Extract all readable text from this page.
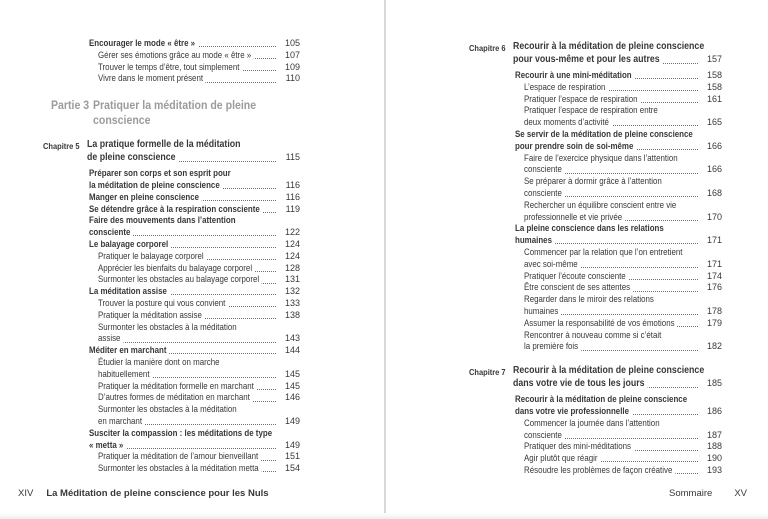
Encourager le mode « être »	105
Gérer ses émotions grâce au mode « être »	107
Trouver le temps d’être, tout simplement	109
Vivre dans le moment présent	110
Partie 3 Pratiquer la méditation de pleine
conscience
Chapitre 5 La pratique formelle de la méditation
de pleine conscience	115
Préparer son corps et son esprit pour
la méditation de pleine conscience	116
Manger en pleine conscience	116
Se détendre grâce à la respiration consciente	119
Faire des mouvements dans l’attention
consciente	122
Le balayage corporel	124
Pratiquer le balayage corporel	124
Apprécier les bienfaits du balayage corporel	128
Surmonter les obstacles au balayage corporel	131
La méditation assise	132
Trouver la posture qui vous convient	133
Pratiquer la méditation assise	138
Surmonter les obstacles à la méditation
assise	143
Méditer en marchant	144
Étudier la manière dont on marche
habituellement	145
Pratiquer la méditation formelle en marchant	145
D’autres formes de méditation en marchant	146
Surmonter les obstacles à la méditation
en marchant	149
Susciter la compassion : les méditations de type
« metta »	149
Pratiquer la méditation de l’amour bienveillant	151
Surmonter les obstacles à la méditation metta	154
XIV La Méditation de pleine conscience pour les Nuls
Chapitre 6 Recourir à la méditation de pleine conscience
pour vous-même et pour les autres	157
Recourir à une mini-méditation	158
L’espace de respiration	158
Pratiquer l’espace de respiration	161
Pratiquer l’espace de respiration entre
deux moments d’activité	165
Se servir de la méditation de pleine conscience
pour prendre soin de soi-même	166
Faire de l’exercice physique dans l’attention
consciente	166
Se préparer à dormir grâce à l’attention
consciente	168
Rechercher un équilibre conscient entre vie
professionnelle et vie privée	170
La pleine conscience dans les relations
humaines	171
Commencer par la relation que l’on entretient
avec soi-même	171
Pratiquer l’écoute consciente	174
Être conscient de ses attentes	176
Regarder dans le miroir des relations
humaines	178
Assumer la responsabilité de vos émotions	179
Rencontrer à nouveau comme si c’était
la première fois	182
Chapitre 7 Recourir à la méditation de pleine conscience
dans votre vie de tous les jours	185
Recourir à la méditation de pleine conscience
dans votre vie professionnelle	186
Commencer la journée dans l’attention
consciente	187
Pratiquer des mini-méditations	188
Agir plutôt que réagir	190
Résoudre les problèmes de façon créative	193
Sommaire XV
